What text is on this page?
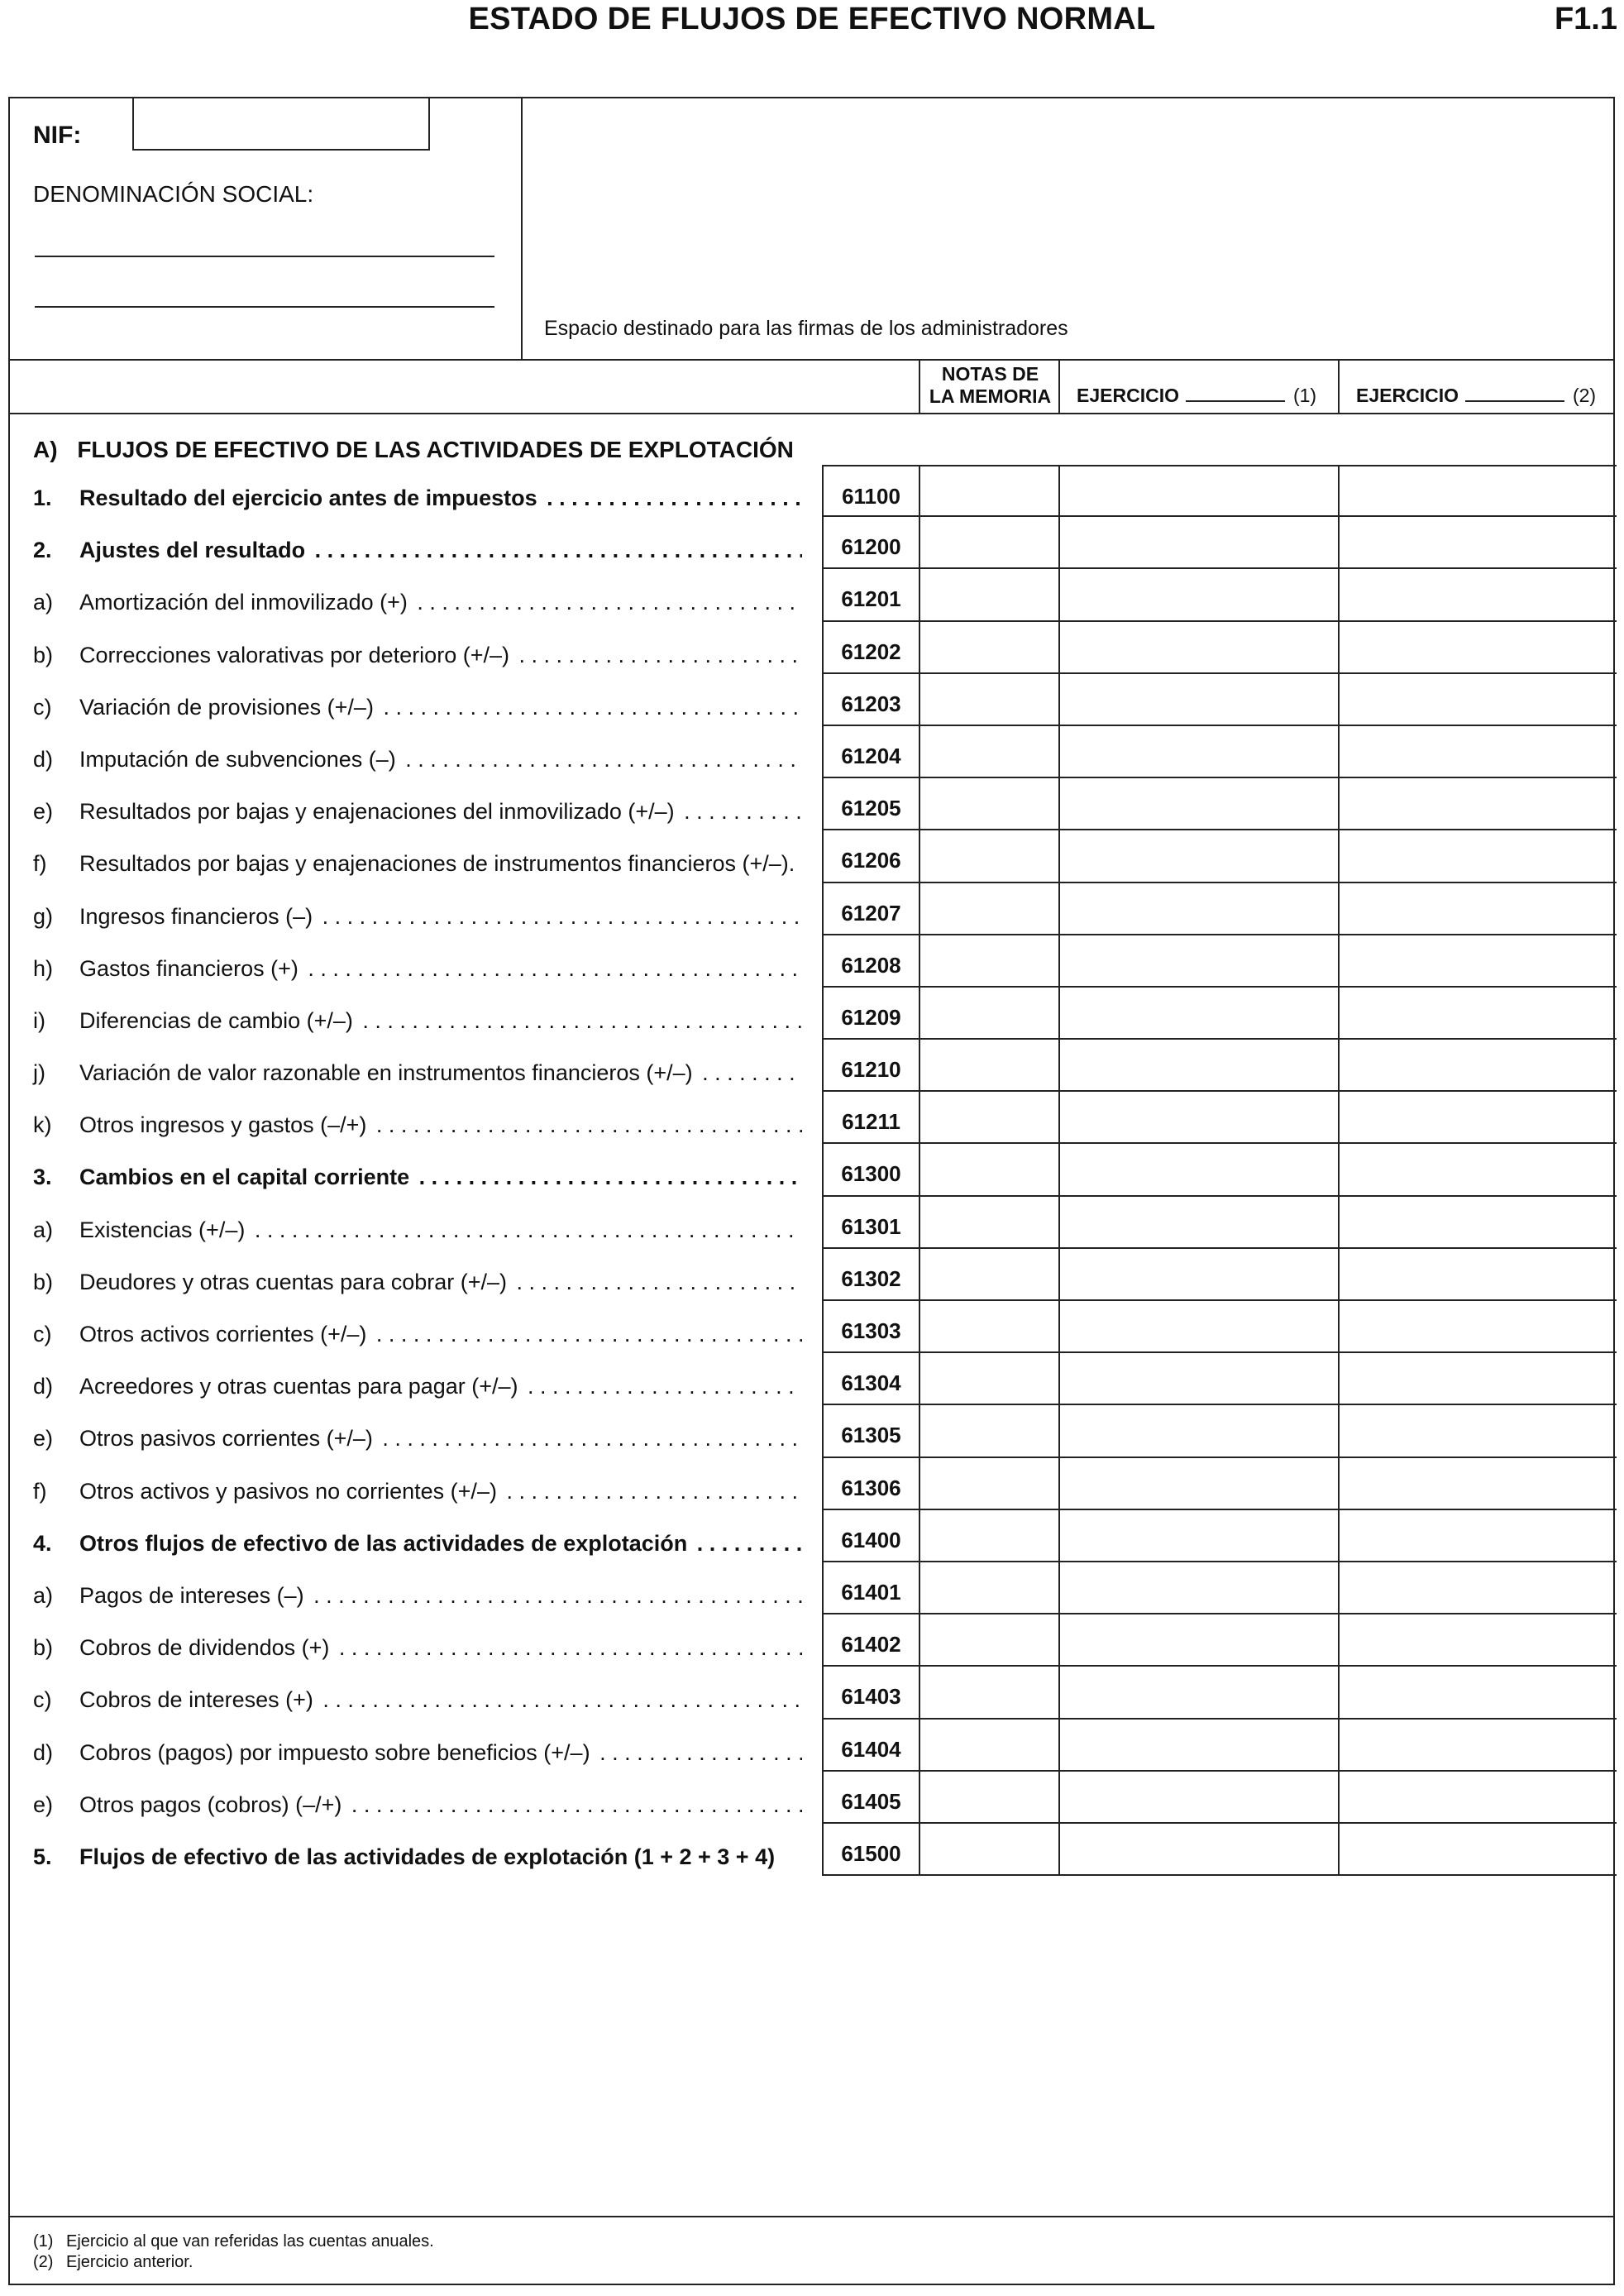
ESTADO DE FLUJOS DE EFECTIVO NORMAL	F1.1
NIF:
DENOMINACIÓN SOCIAL:
Espacio destinado para las firmas de los administradores
NOTAS DE
LA MEMORIA	EJERCICIO	(1)	EJERCICIO	(2)
A) FLUJOS DE EFECTIVO DE LAS ACTIVIDADES DE EXPLOTACIÓN
1. Resultado del ejercicio antes de impuestos . . .	61100
2. Ajustes del resultado . . .	61200
a) Amortización del inmovilizado (+) . . .	61201
b) Correcciones valorativas por deterioro (+/–) . . .	61202
c) Variación de provisiones (+/–) . . .	61203
d) Imputación de subvenciones (–) . . .	61204
e) Resultados por bajas y enajenaciones del inmovilizado (+/–) . . .	61205
f) Resultados por bajas y enajenaciones de instrumentos financieros (+/–). . . .	61206
g) Ingresos financieros (–) . . .	61207
h) Gastos financieros (+) . . .	61208
i) Diferencias de cambio (+/–) . . .	61209
j) Variación de valor razonable en instrumentos financieros (+/–) . . .	61210
k) Otros ingresos y gastos (–/+) . . .	61211
3. Cambios en el capital corriente . . .	61300
a) Existencias (+/–) . . .	61301
b) Deudores y otras cuentas para cobrar (+/–) . . .	61302
c) Otros activos corrientes (+/–) . . .	61303
d) Acreedores y otras cuentas para pagar (+/–) . . .	61304
e) Otros pasivos corrientes (+/–) . . .	61305
f) Otros activos y pasivos no corrientes (+/–) . . .	61306
4. Otros flujos de efectivo de las actividades de explotación . . .	61400
a) Pagos de intereses (–) . . .	61401
b) Cobros de dividendos (+) . . .	61402
c) Cobros de intereses (+) . . .	61403
d) Cobros (pagos) por impuesto sobre beneficios (+/–) . . .	61404
e) Otros pagos (cobros) (–/+) . . .	61405
5. Flujos de efectivo de las actividades de explotación (1 + 2 + 3 + 4)	61500
(1) Ejercicio al que van referidas las cuentas anuales.
(2) Ejercicio anterior.
